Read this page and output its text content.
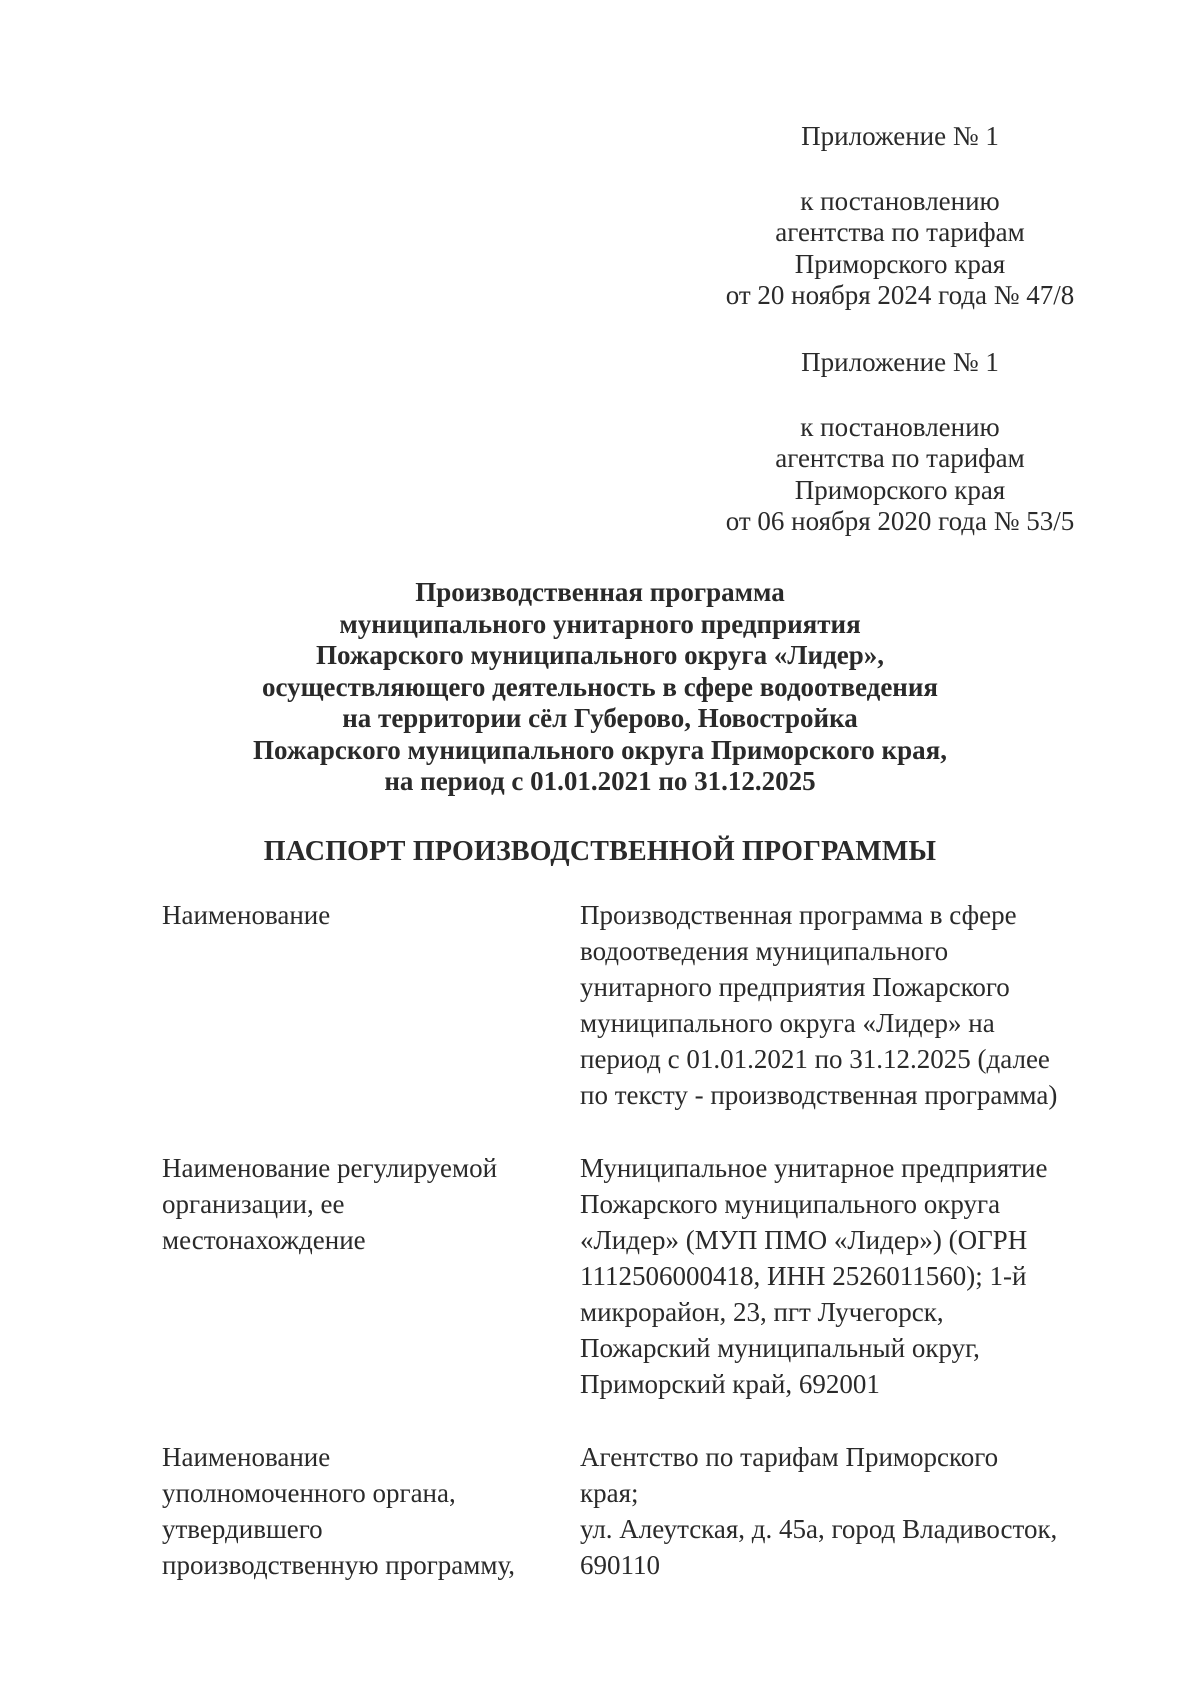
Приложение № 1
к постановлению
агентства по тарифам
Приморского края
от 20 ноября 2024 года № 47/8
Приложение № 1
к постановлению
агентства по тарифам
Приморского края
от 06 ноября 2020 года № 53/5
Производственная программа
муниципального унитарного предприятия
Пожарского муниципального округа «Лидер»,
осуществляющего деятельность в сфере водоотведения
на территории сёл Губерово, Новостройка
Пожарского муниципального округа Приморского края,
на период с 01.01.2021 по 31.12.2025
ПАСПОРТ ПРОИЗВОДСТВЕННОЙ ПРОГРАММЫ
Наименование	Производственная программа в сфере
водоотведения муниципального
унитарного предприятия Пожарского
муниципального округа «Лидер» на
период с 01.01.2021 по 31.12.2025 (далее
по тексту - производственная программа)
Наименование регулируемой
организации, ее
местонахождение
Муниципальное унитарное предприятие
Пожарского муниципального округа
«Лидер» (МУП ПМО «Лидер») (ОГРН
1112506000418, ИНН 2526011560); 1-й
микрорайон, 23, пгт Лучегорск,
Пожарский муниципальный округ,
Приморский край, 692001
Наименование
уполномоченного органа,
утвердившего
производственную программу,
Агентство по тарифам Приморского
края;
ул. Алеутская, д. 45а, город Владивосток,
690110
